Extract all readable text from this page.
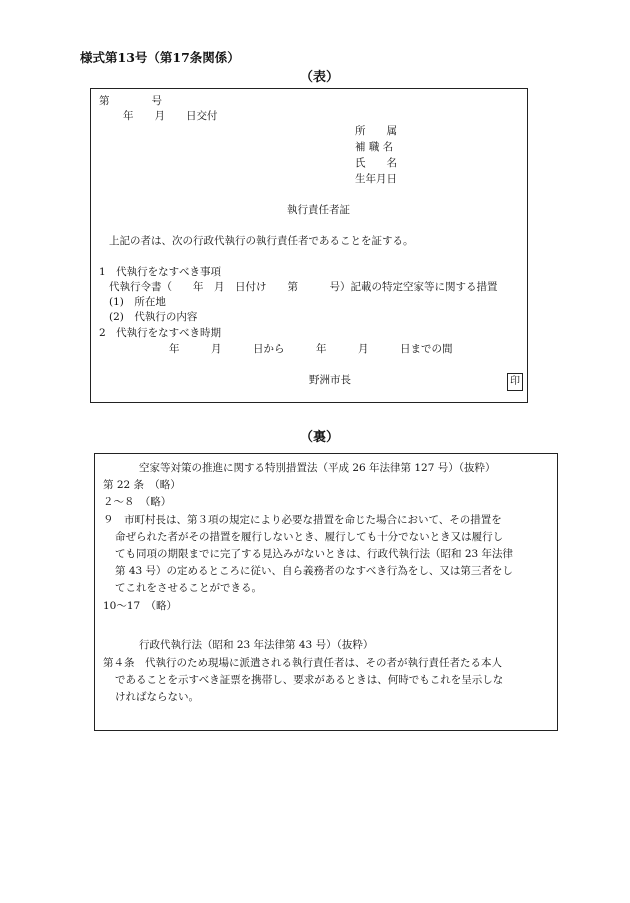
様式第13号（第17条関係）
（表）
第　　　　号
年　　月　　日交付
所　　属
補 職 名
氏　　名
生年月日
執行責任者証
上記の者は、次の行政代執行の執行責任者であることを証する。
1　代執行をなすべき事項
代執行令書（　　年　月　日付け　　第　　　号）記載の特定空家等に関する措置
(1)　所在地
(2)　代執行の内容
2　代執行をなすべき時期
年　　　月　　　日から　　　年　　　月　　　日までの間
野洲市長	印
（裏）
空家等対策の推進に関する特別措置法（平成 26 年法律第 127 号）（抜粋）
第 22 条　（略）
２～８　（略）
９　市町村長は、第３項の規定により必要な措置を命じた場合において、その措置を
命ぜられた者がその措置を履行しないとき、履行しても十分でないとき又は履行し
ても同項の期限までに完了する見込みがないときは、行政代執行法（昭和 23 年法律
第 43 号）の定めるところに従い、自ら義務者のなすべき行為をし、又は第三者をし
てこれをさせることができる。
10～17　（略）
行政代執行法（昭和 23 年法律第 43 号）（抜粋）
第４条　代執行のため現場に派遣される執行責任者は、その者が執行責任者たる本人
であることを示すべき証票を携帯し、要求があるときは、何時でもこれを呈示しな
ければならない。
